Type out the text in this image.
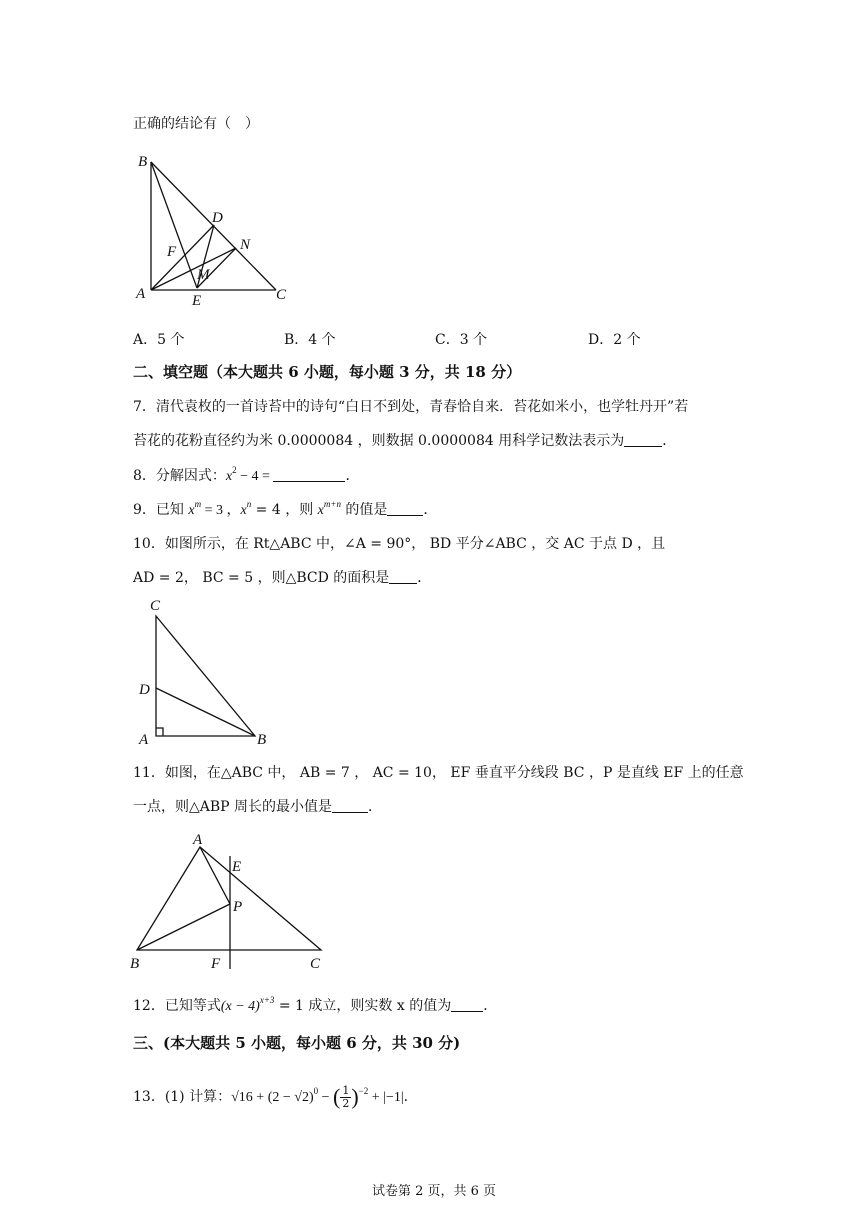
正确的结论有（　）
B
D
N
F
M
A	E	C
A．5 个	B．4 个	C．3 个	D．2 个
二、填空题（本大题共 6 小题，每小题 3 分，共 18 分）
7．清代袁枚的一首诗苔中的诗句“白日不到处，青春恰自来．苔花如米小，也学牡丹开”若
苔花的花粉直径约为米 0.0000084 ，则数据 0.0000084 用科学记数法表示为	．
8．分解因式：$x^2 - 4$ =	．
9．已知 $x^m = 3$ ，$x^n = 4$ ，则 $x^{m+n}$ 的值是	．
10．如图所示，在 Rt△ABC 中，∠A = 90°， BD 平分∠ABC ，交 AC 于点 D ，且
AD = 2， BC = 5 ，则△BCD 的面积是 ．
C
D
A	B
11．如图，在△ABC 中， AB = 7 ， AC = 10， EF 垂直平分线段 BC ，P 是直线 EF 上的任意
一点，则△ABP 周长的最小值是	．
A
E
P
B	F	C
12．已知等式$(x - 4)^{x+3} = 1$ 成立，则实数 x 的值为 ．
三、(本大题共 5 小题，每小题 6 分，共 30 分)
13．(1) 计算：$√16 + (2 - √2)^0$ − ( $\frac{1}{2} )^{-2} + |-1|$．
试卷第 2 页，共 6 页
